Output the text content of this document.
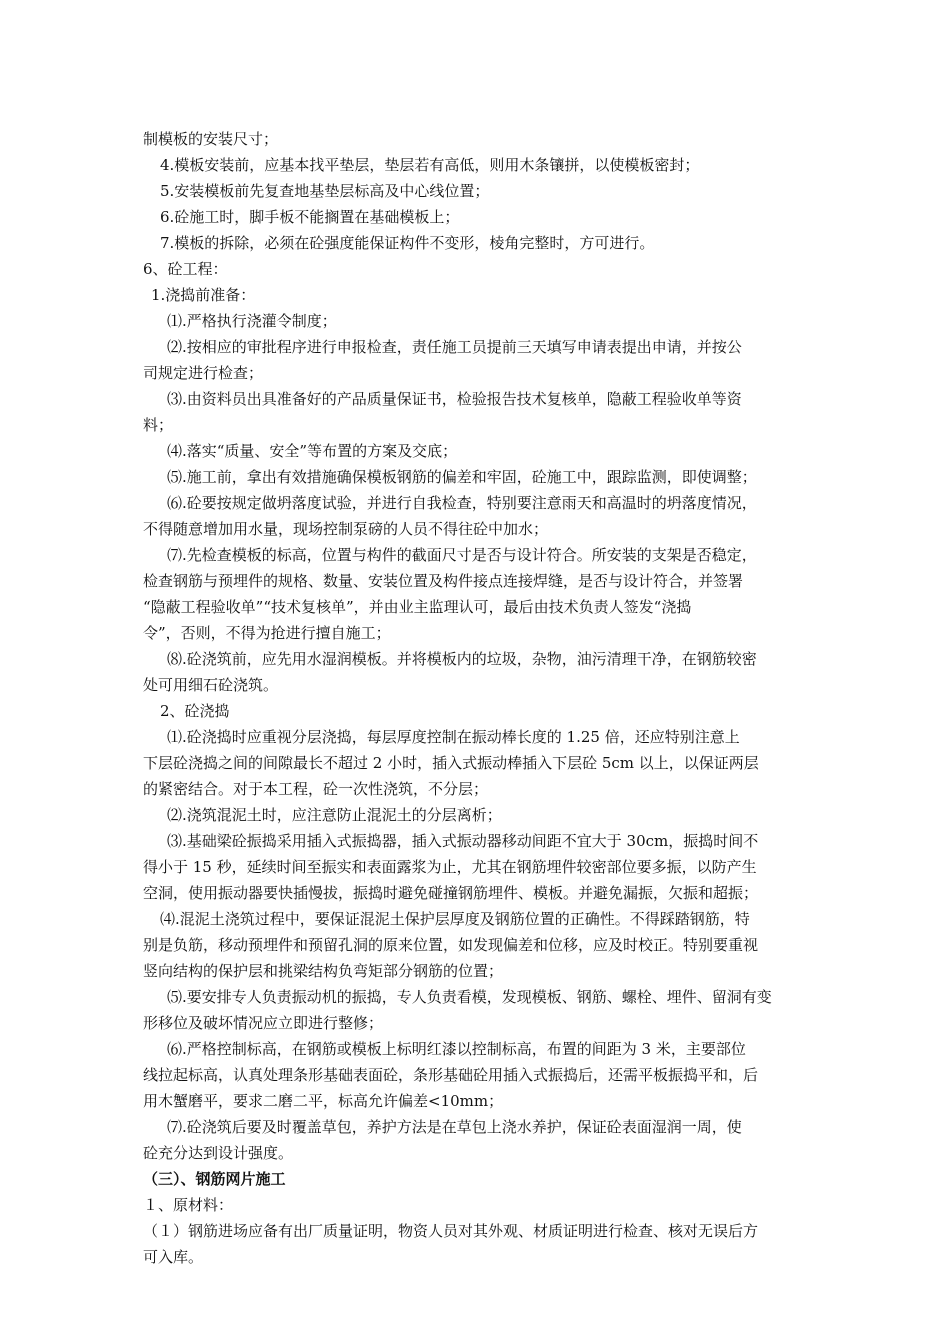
制模板的安装尺寸；
4.模板安装前，应基本找平垫层，垫层若有高低，则用木条镶拼，以使模板密封；
5.安装模板前先复查地基垫层标高及中心线位置；
6.砼施工时，脚手板不能搁置在基础模板上；
7.模板的拆除，必须在砼强度能保证构件不变形，棱角完整时，方可进行。
6、砼工程：
1.浇捣前准备：
⑴.严格执行浇灌令制度；
⑵.按相应的审批程序进行申报检查，责任施工员提前三天填写申请表提出申请，并按公
司规定进行检查；
⑶.由资料员出具准备好的产品质量保证书，检验报告技术复核单，隐蔽工程验收单等资
料；
⑷.落实“质量、安全”等布置的方案及交底；
⑸.施工前，拿出有效措施确保模板钢筋的偏差和牢固，砼施工中，跟踪监测，即使调整；
⑹.砼要按规定做坍落度试验，并进行自我检查，特别要注意雨天和高温时的坍落度情况，
不得随意增加用水量，现场控制泵磅的人员不得往砼中加水；
⑺.先检查模板的标高，位置与构件的截面尺寸是否与设计符合。所安装的支架是否稳定，
检查钢筋与预埋件的规格、数量、安装位置及构件接点连接焊缝，是否与设计符合，并签署
“隐蔽工程验收单”“技术复核单”，并由业主监理认可，最后由技术负责人签发“浇捣
令”，否则，不得为抢进行擅自施工；
⑻.砼浇筑前，应先用水湿润模板。并将模板内的垃圾，杂物，油污清理干净，在钢筋较密
处可用细石砼浇筑。
2、砼浇捣
⑴.砼浇捣时应重视分层浇捣，每层厚度控制在振动棒长度的 1.25 倍，还应特别注意上
下层砼浇捣之间的间隙最长不超过 2 小时，插入式振动棒插入下层砼 5cm 以上，以保证两层
的紧密结合。对于本工程，砼一次性浇筑，不分层；
⑵.浇筑混泥土时，应注意防止混泥土的分层离析；
⑶.基础梁砼振捣采用插入式振捣器，插入式振动器移动间距不宜大于 30cm，振捣时间不
得小于 15 秒，延续时间至振实和表面露浆为止，尤其在钢筋埋件较密部位要多振，以防产生
空洞，使用振动器要快插慢拔，振捣时避免碰撞钢筋埋件、模板。并避免漏振，欠振和超振；
⑷.混泥土浇筑过程中，要保证混泥土保护层厚度及钢筋位置的正确性。不得踩踏钢筋，特
别是负筋，移动预埋件和预留孔洞的原来位置，如发现偏差和位移，应及时校正。特别要重视
竖向结构的保护层和挑梁结构负弯矩部分钢筋的位置；
⑸.要安排专人负责振动机的振捣，专人负责看模，发现模板、钢筋、螺栓、埋件、留洞有变
形移位及破坏情况应立即进行整修；
⑹.严格控制标高，在钢筋或模板上标明红漆以控制标高，布置的间距为 3 米，主要部位
线拉起标高，认真处理条形基础表面砼，条形基础砼用插入式振捣后，还需平板振捣平和，后
用木蟹磨平，要求二磨二平，标高允许偏差<10mm；
⑺.砼浇筑后要及时覆盖草包，养护方法是在草包上浇水养护，保证砼表面湿润一周，使
砼充分达到设计强度。
（三）、钢筋网片施工
１、原材料：
（１）钢筋进场应备有出厂质量证明，物资人员对其外观、材质证明进行检查、核对无误后方
可入库。
